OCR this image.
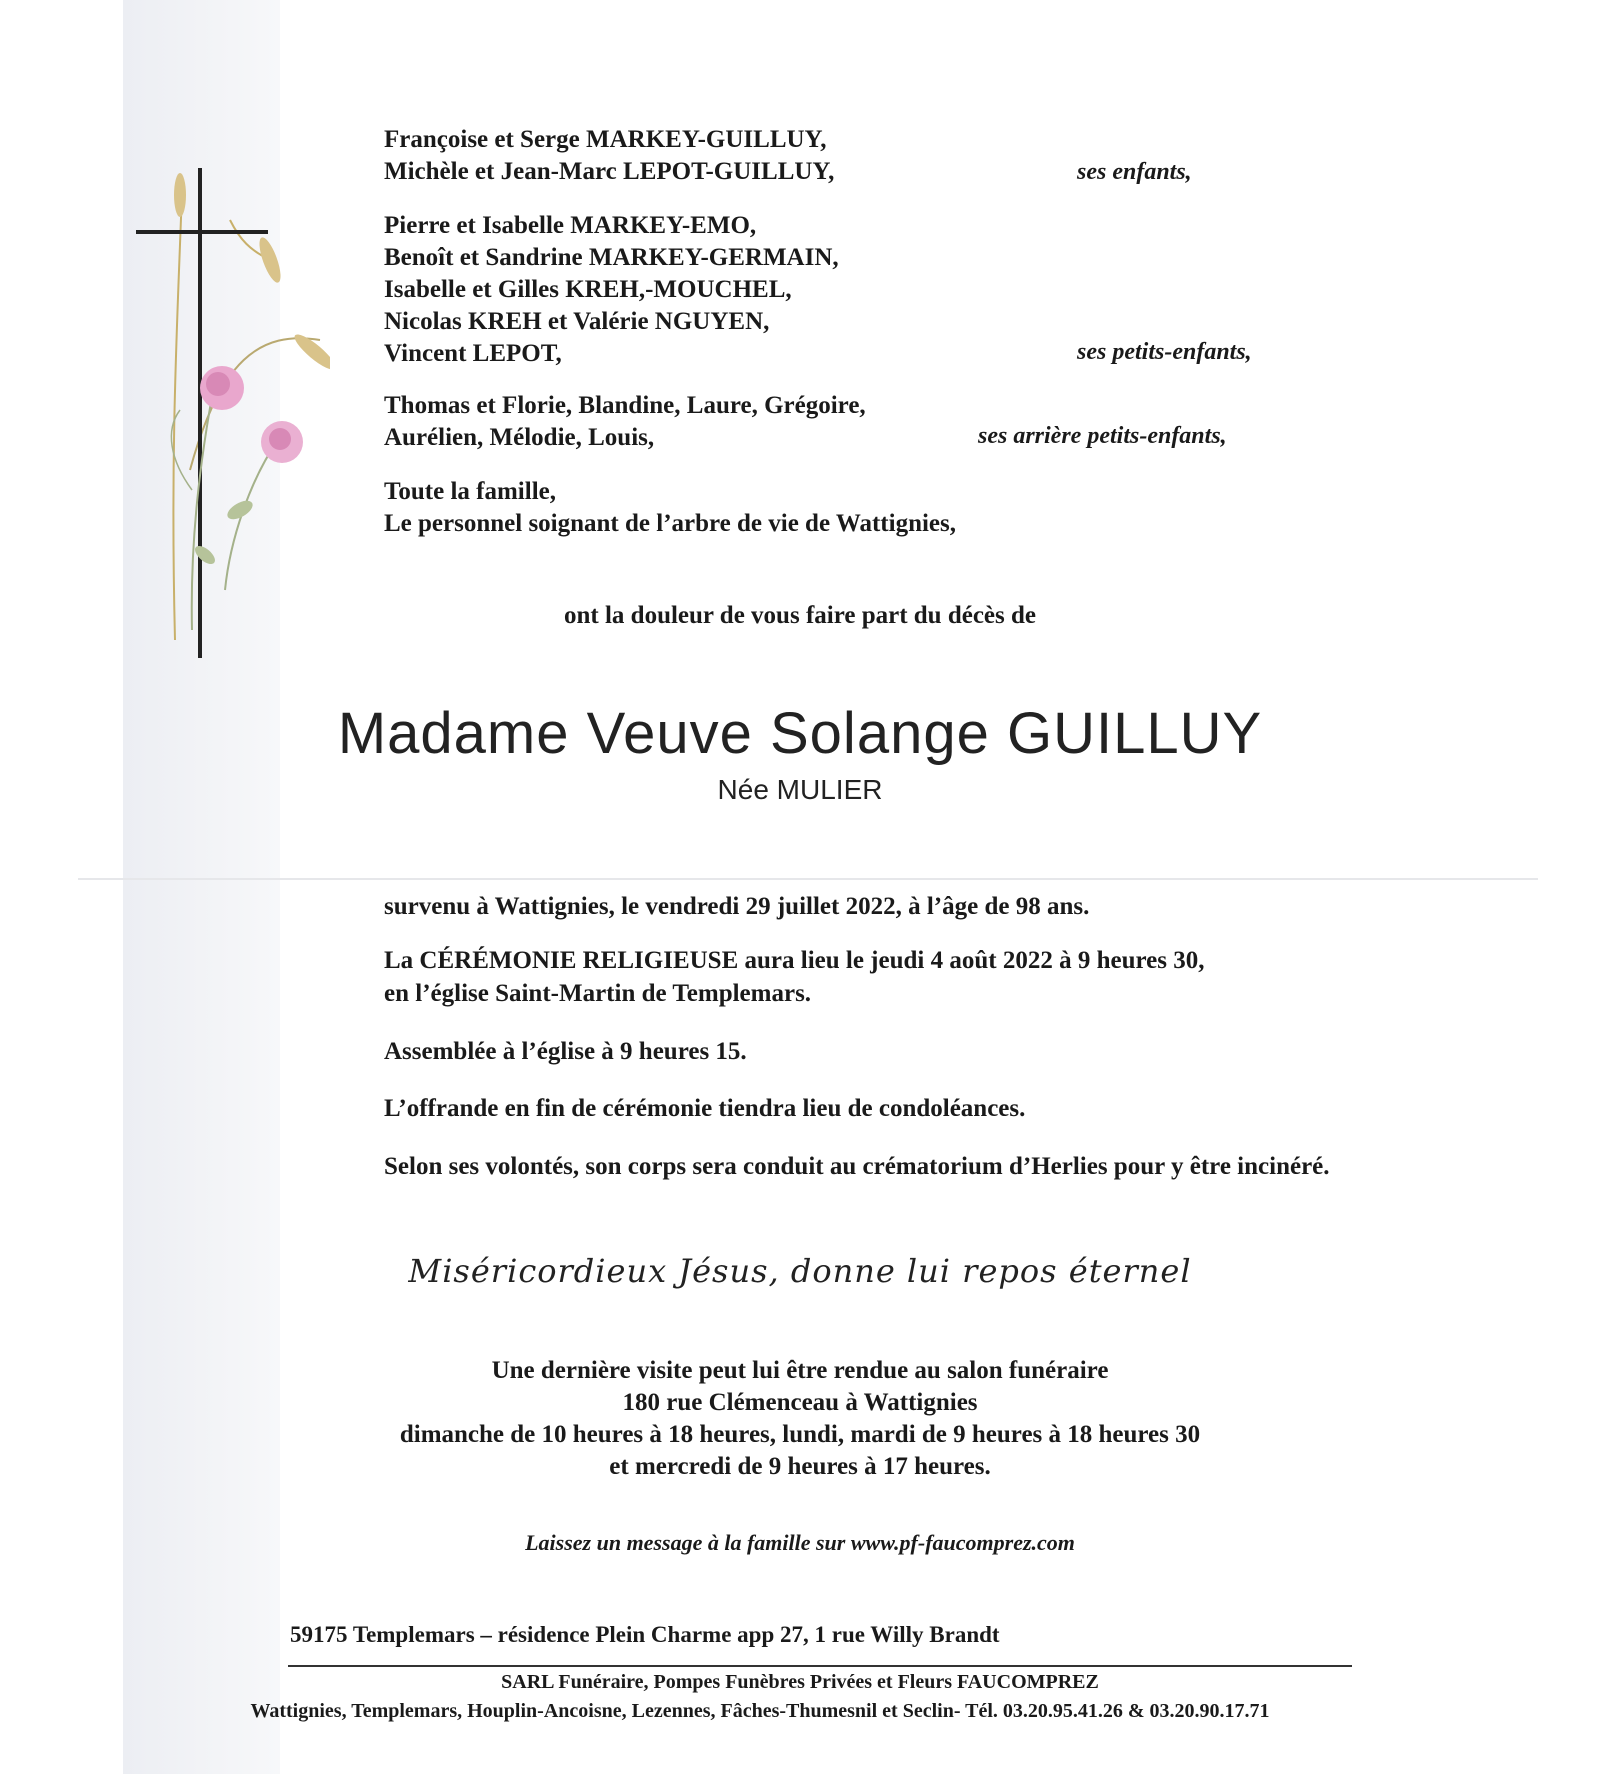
Françoise et Serge MARKEY-GUILLUY,
Michèle et Jean-Marc LEPOT-GUILLUY,	ses enfants,
Pierre et Isabelle MARKEY-EMO,
Benoît et Sandrine MARKEY-GERMAIN,
Isabelle et Gilles KREH,-MOUCHEL,
Nicolas KREH et Valérie NGUYEN,
Vincent LEPOT,	ses petits-enfants,
Thomas et Florie, Blandine, Laure, Grégoire,
Aurélien, Mélodie, Louis,	ses arrière petits-enfants,
Toute la famille,
Le personnel soignant de l’arbre de vie de Wattignies,
ont la douleur de vous faire part du décès de
Madame Veuve Solange GUILLUY
Née MULIER
survenu à Wattignies, le vendredi 29 juillet 2022, à l’âge de 98 ans.
La CÉRÉMONIE RELIGIEUSE aura lieu le jeudi 4 août 2022 à 9 heures 30,
en l’église Saint-Martin de Templemars.
Assemblée à l’église à 9 heures 15.
L’offrande en fin de cérémonie tiendra lieu de condoléances.
Selon ses volontés, son corps sera conduit au crématorium d’Herlies pour y être incinéré.
Miséricordieux Jésus, donne lui repos éternel
Une dernière visite peut lui être rendue au salon funéraire
180 rue Clémenceau à Wattignies
dimanche de 10 heures à 18 heures, lundi, mardi de 9 heures à 18 heures 30
et mercredi de 9 heures à 17 heures.
Laissez un message à la famille sur www.pf-faucomprez.com
59175 Templemars – résidence Plein Charme app 27, 1 rue Willy Brandt
SARL Funéraire, Pompes Funèbres Privées et Fleurs FAUCOMPREZ
Wattignies, Templemars, Houplin-Ancoisne, Lezennes, Fâches-Thumesnil et Seclin- Tél. 03.20.95.41.26 & 03.20.90.17.71
